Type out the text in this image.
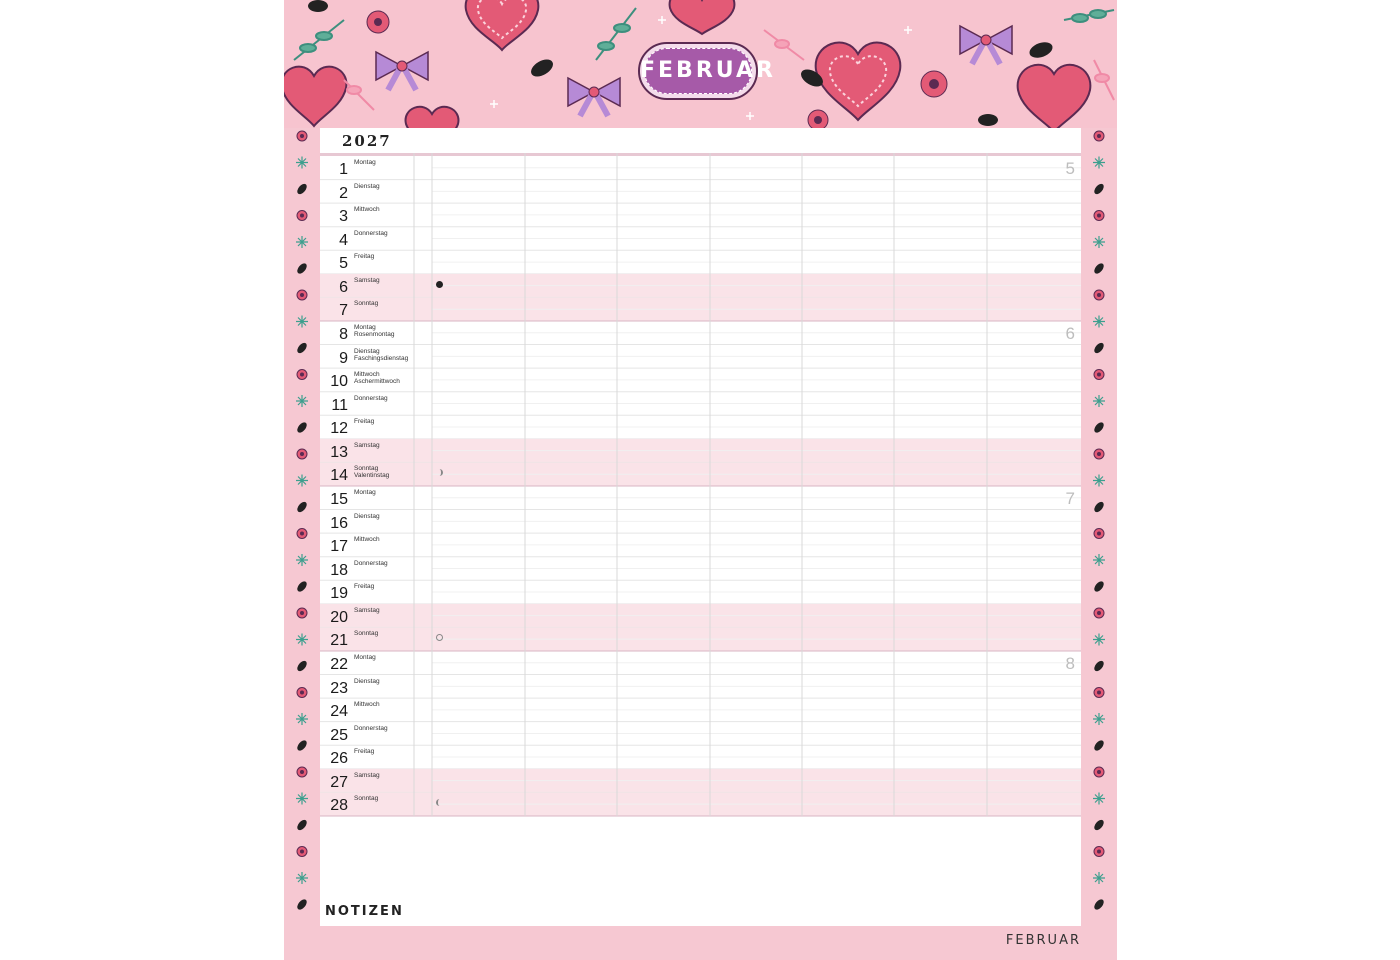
FEBRUAR
2027
1 Montag	5
2 Dienstag
3 Mittwoch
4 Donnerstag
5 Freitag
6 Samstag
7 Sonntag
8 Montag
Rosenmontag	6
9 Dienstag
Faschingsdienstag
10 Mittwoch
Aschermittwoch
11 Donnerstag
12 Freitag
13 Samstag
14 Sonntag
Valentinstag
15 Montag	7
16 Dienstag
17 Mittwoch
18 Donnerstag
19 Freitag
20 Samstag
21 Sonntag
22 Montag	8
23 Dienstag
24 Mittwoch
25 Donnerstag
26 Freitag
27 Samstag
28 Sonntag
NOTIZEN
FEBRUAR
